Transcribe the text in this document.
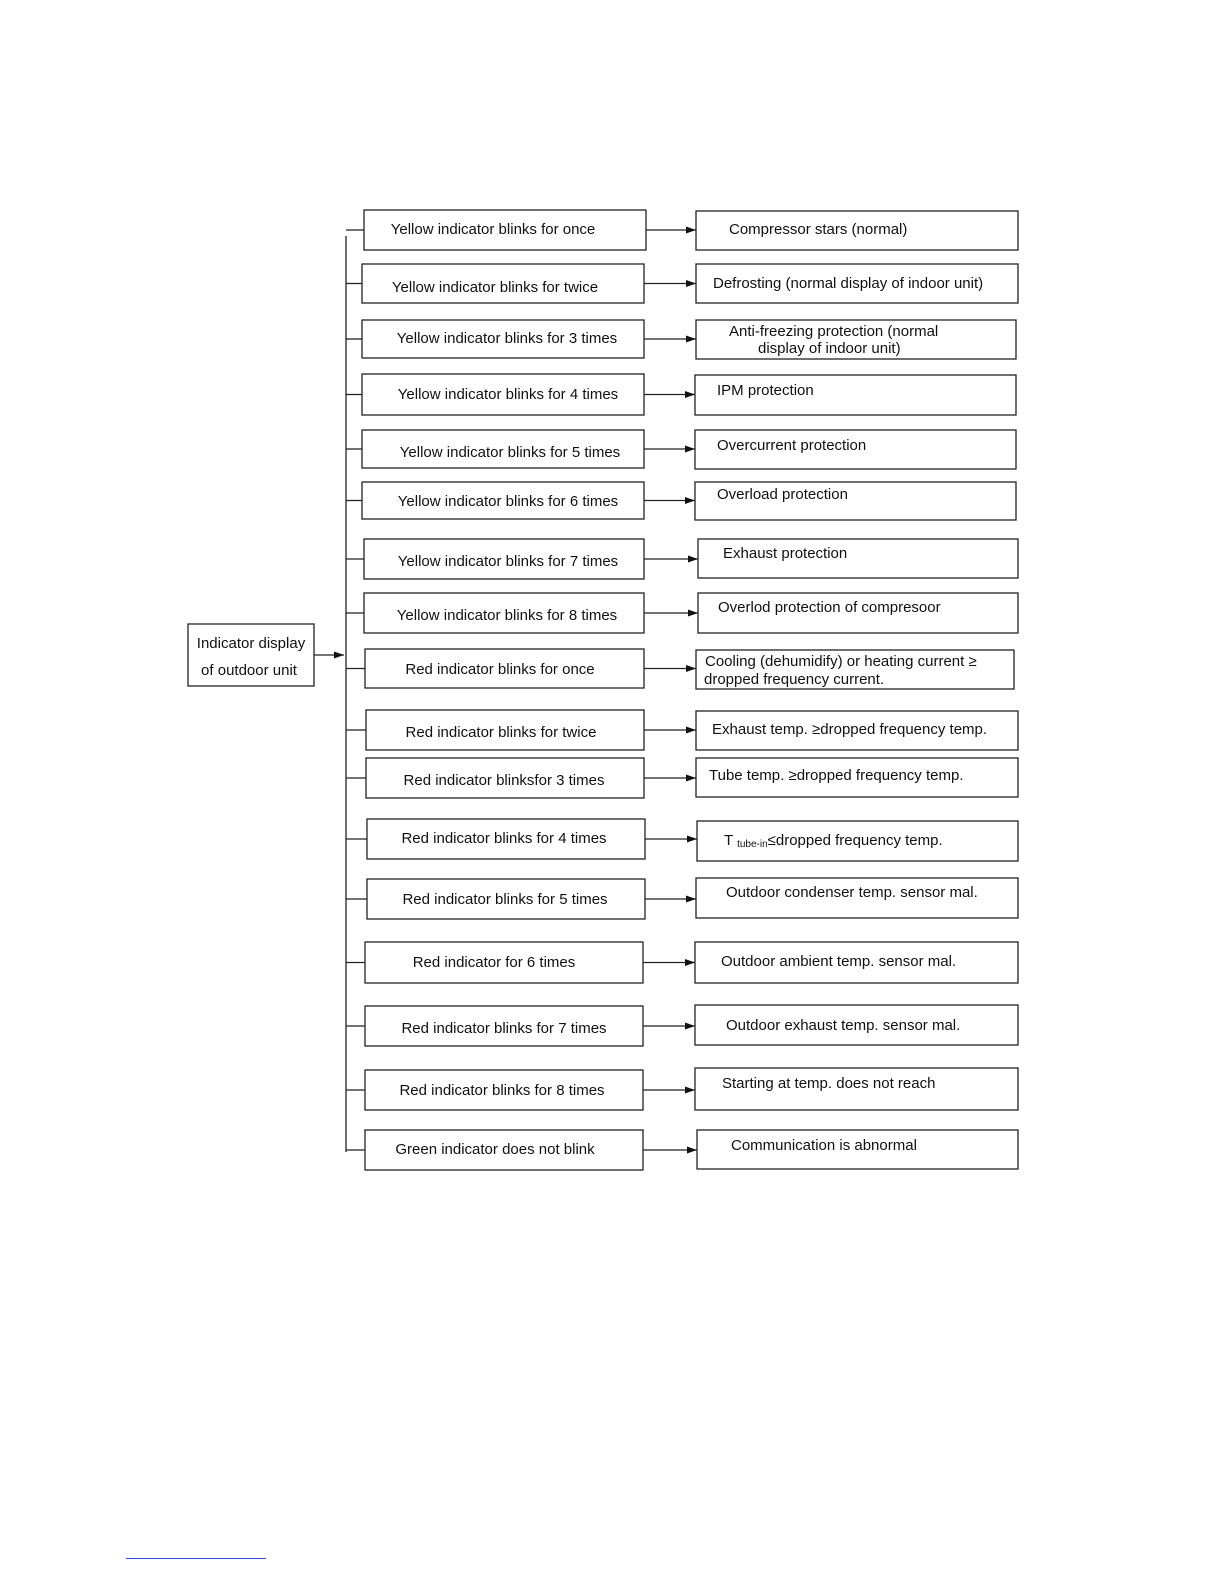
Indicator display
of outdoor unit
Yellow indicator blinks for once	Compressor stars (normal)
Yellow indicator blinks for twice	Defrosting (normal display of indoor unit)
Yellow indicator blinks for 3 times	Anti-freezing protection (normal
display of indoor unit)
Yellow indicator blinks for 4 times	IPM protection
Yellow indicator blinks for 5 times	Overcurrent protection
Yellow indicator blinks for 6 times	Overload protection
Yellow indicator blinks for 7 times	Exhaust protection
Yellow indicator blinks for 8 times	Overlod protection of compresoor
Red indicator blinks for once	Cooling (dehumidify) or heating current ≥
dropped frequency current.
Red indicator blinks for twice	Exhaust temp. ≥dropped frequency temp.
Red indicator blinksfor 3 times	Tube temp. ≥dropped frequency temp.
Red indicator blinks for 4 times	T tube-in≤dropped frequency temp.
Red indicator blinks for 5 times	Outdoor condenser temp. sensor mal.
Red indicator for 6 times	Outdoor ambient temp. sensor mal.
Red indicator blinks for 7 times	Outdoor exhaust temp. sensor mal.
Red indicator blinks for 8 times	Starting at temp. does not reach
Green indicator does not blink	Communication is abnormal
